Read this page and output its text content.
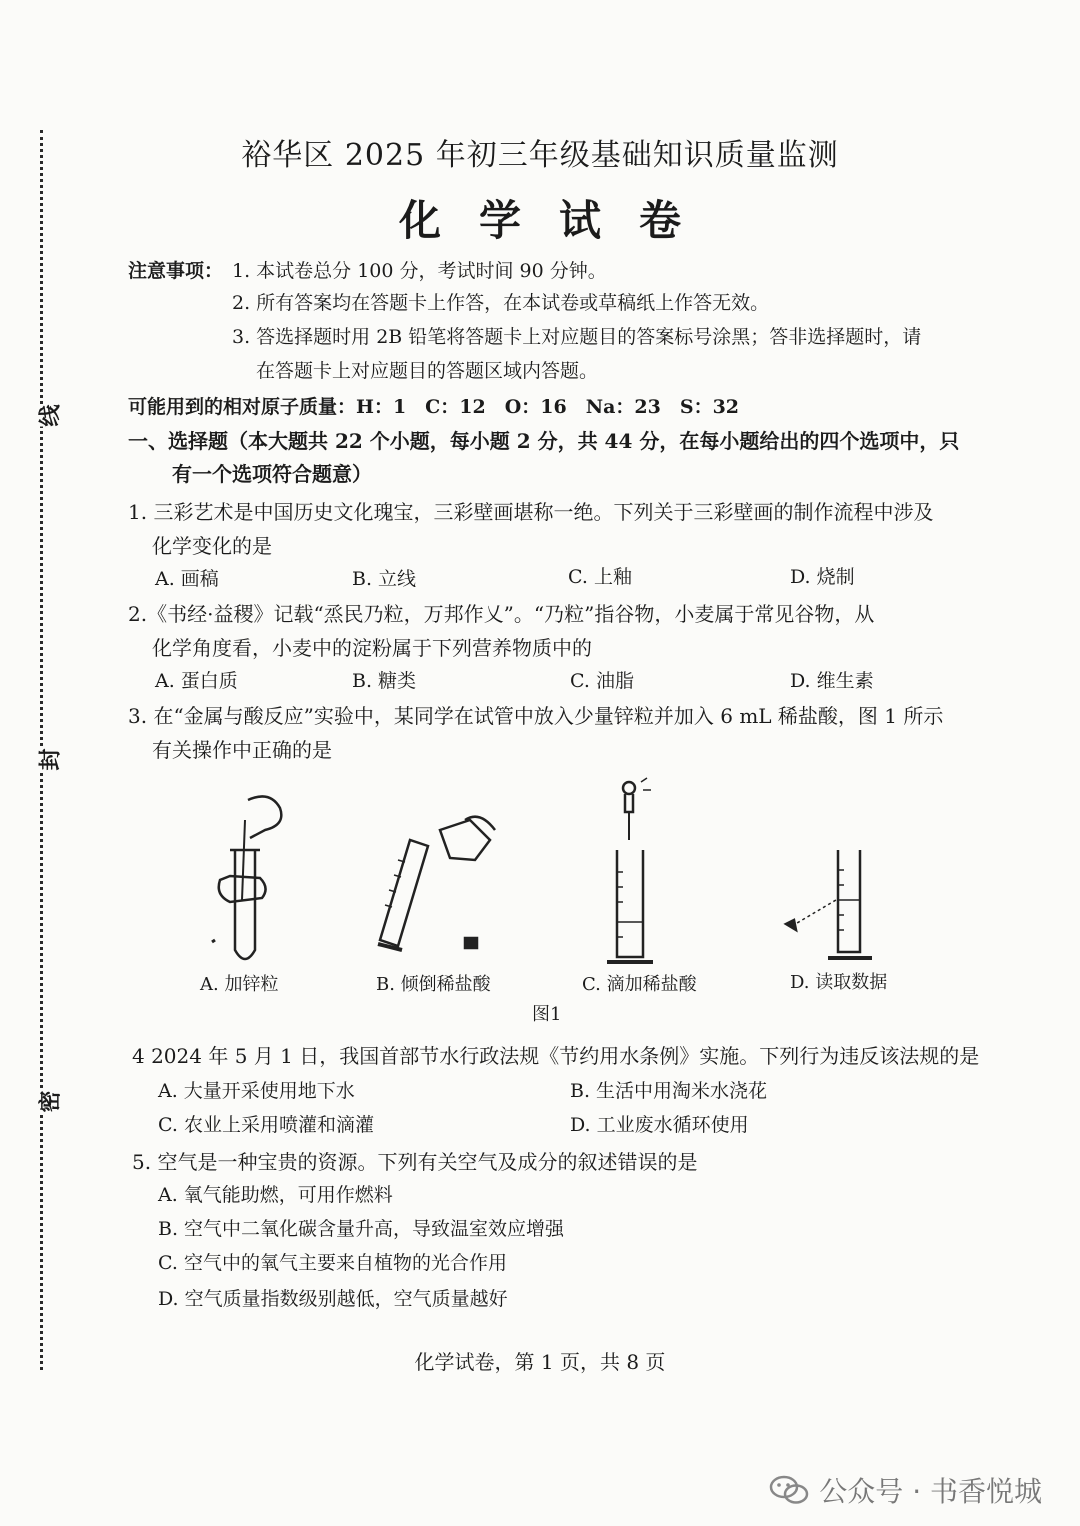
线
封
密
裕华区 2025 年初三年级基础知识质量监测
化学试卷
注意事项： 1. 本试卷总分 100 分，考试时间 90 分钟。
2. 所有答案均在答题卡上作答，在本试卷或草稿纸上作答无效。
3. 答选择题时用 2B 铅笔将答题卡上对应题目的答案标号涂黑；答非选择题时，请
在答题卡上对应题目的答题区域内答题。
可能用到的相对原子质量：H：1　C：12　O：16　Na：23　S：32
一、选择题（本大题共 22 个小题，每小题 2 分，共 44 分，在每小题给出的四个选项中，只
有一个选项符合题意）
1. 三彩艺术是中国历史文化瑰宝，三彩壁画堪称一绝。下列关于三彩壁画的制作流程中涉及
化学变化的是
A. 画稿	B. 立线	C. 上釉	D. 烧制
2.《书经·益稷》记载“烝民乃粒，万邦作乂”。“乃粒”指谷物，小麦属于常见谷物，从
化学角度看，小麦中的淀粉属于下列营养物质中的
A. 蛋白质	B. 糖类	C. 油脂	D. 维生素
3. 在“金属与酸反应”实验中，某同学在试管中放入少量锌粒并加入 6 mL 稀盐酸，图 1 所示
有关操作中正确的是
A. 加锌粒	B. 倾倒稀盐酸	C. 滴加稀盐酸	D. 读取数据
图1
4 2024 年 5 月 1 日，我国首部节水行政法规《节约用水条例》实施。下列行为违反该法规的是
A. 大量开采使用地下水	B. 生活中用淘米水浇花
C. 农业上采用喷灌和滴灌	D. 工业废水循环使用
5. 空气是一种宝贵的资源。下列有关空气及成分的叙述错误的是
A. 氧气能助燃，可用作燃料
B. 空气中二氧化碳含量升高，导致温室效应增强
C. 空气中的氧气主要来自植物的光合作用
D. 空气质量指数级别越低，空气质量越好
化学试卷，第 1 页，共 8 页
公众号 · 书香悦城
